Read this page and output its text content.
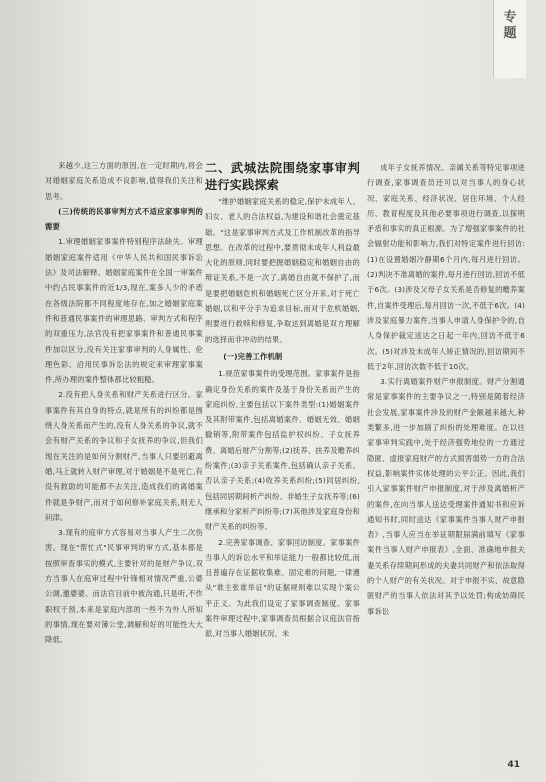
专题

来越少,这三方面的原因,在一定时期内,将会对婚姻家庭关系造成不良影响,值得我们关注和思考。

(三)传统的民事审判方式不适应家事审判的需要

1.审理婚姻家事案件特别程序法缺失。审理婚姻家庭案件适用《中华人民共和国民事诉讼法》及司法解释。婚姻家庭案件在全国一审案件中约占民事案件的近1/3,现在,案多人少的矛盾在各级法院都不同程度地存在,加之婚姻家庭案件和普通民事案件的审理思路、审判方式和程序的双重压力,法官没有把家事案件和普通民事案件加以区分,没有关注家事审判的人身属性、伦理色彩、沿用民事诉讼法的规定来审理家事案件,所办理的案件整体都比较粗糙。

2.没有把人身关系和财产关系进行区分。家事案件有其自身的特点,就是所有的纠纷都是围绕人身关系而产生的,没有人身关系的争议,就不会有财产关系的争议和子女抚养的争议,但我们现在关注的是如何分割财产,当事人只要回避离婚,马上就转入财产审理,对于婚姻是不是死亡,有没有救助的可能都不去关注,造成我们的离婚案件就是争财产,而对于如何修补家庭关系,则无人问津。

3.现有的庭审方式容易对当事人产生二次伤害。现在"帮忙式"民事审判的审方式,基本都是按照审查事实的模式,主要针对的是财产争议,双方当事人在庭审过程中针锋相对情况严重,公婆公调,邀婆婆、而法官目前中被沟通,只是听,不作职权干预,本来是家庭内部的一些不为外人所知的事情,现在要对簿公堂,调解和好的可能性大大降低。

二、武城法院围绕家事审判进行实践探索

"维护婚姻家庭关系的稳定,保护未成年人、妇女、老人的合法权益,为建设和谐社会奠定基础。"这是家事审判方式及工作机制改革的指导思想。在改革的过程中,要贯彻未成年人利益最大化的原则,同时要把握婚姻稳定和婚姻自由的辩证关系,不是一次了,离婚自由就不保护了,而是要把婚姻危机和婚姻死亡区分开来,对于死亡婚姻,以和平分手为追求目标,而对于危机婚姻,则要进行救赎和修复,争取达到离婚是双方理解的选择而非冲动的结果。

(一)完善工作机制

1.规范家事案件的受理范围。家事案件是指确定身份关系的案件及基于身份关系而产生的家庭纠纷,主要包括以下案件类型:(1)婚姻案件及其附带案件,包括离婚案件、婚姻无效、婚姻撤销等,附带案件包括监护权纠纷、子女抚养费、离婚后财产分割等;(2)抚养、扶养及赡养纠纷案件;(3)亲子关系案件,包括确认亲子关系、否认亲子关系;(4)收养关系纠纷;(5)同居纠纷,包括同居期间析产纠纷、非婚生子女抚养等;(6)继承和分家析产纠纷等;(7)其他涉及家庭身份和财产关系的纠纷等。

2.完善家事调查、家事回访制度。家事案件当事人的诉讼水平和举证能力一般都比较低,而且普遍存在证据收集难、固定难的问题,一律遵从"谁主张谁举证"的证据规则难以实现个案公平正义。为此我们设定了家事调查制度。家事案件审理过程中,家事调查员根据合议庭法官指派,对当事人婚姻状况、未

成年子女抚养情况、亲属关系等特定事项进行调查,家事调查员还可以对当事人的身心状况、家庭关系、经济状况、居住环境、个人经历、教育程度及其他必要事项进行调查,以探明矛盾和事实的真正根源。为了增强家事案件的社会辐射功能和影响力,我们对特定案件进行回访:(1)在设置婚姻冷静期6个月内,每月进行回访。(2)判决不准离婚的案件,每月进行回访,回访不低于6次。(3)涉及父母子女关系是否修复的赡养案件,自案件受理后,每月回访一次,不低于6次。(4)涉及家庭暴力案件,当事人申请人身保护令的,自人身保护裁定送达之日起一年内,回访不低于6次。(5)对涉及未成年人矫正情况的,回访期间不低于2年,回访次数不低于10次。

3.实行离婚案件财产申报制度。财产分割通常是家事案件的主要争议之一,特别是随着经济社会发展,家事案件涉及的财产金额越来越大,种类繁多,进一步加剧了纠纷的处理难度。在以往家事审判实践中,处于经济强势地位的一方通过隐匿、虚报家庭财产的方式损害弱势一方的合法权益,影响案件实体处理的公平公正。因此,我们引入家事案件财产申报制度,对于涉及离婚析产的案件,在向当事人送达受理案件通知书和应诉通知书时,同时送达《家事案件当事人财产申报表》,当事人应当在举证期限届满前填写《家事案件当事人财产申报表》,全面、准确地申报夫妻关系存续期间形成的夫妻共同财产和依法取得的个人财产的有关状况。对于申报不实、故意隐匿财产的当事人依法对其予以处罚;构成妨碍民事诉讼

41
